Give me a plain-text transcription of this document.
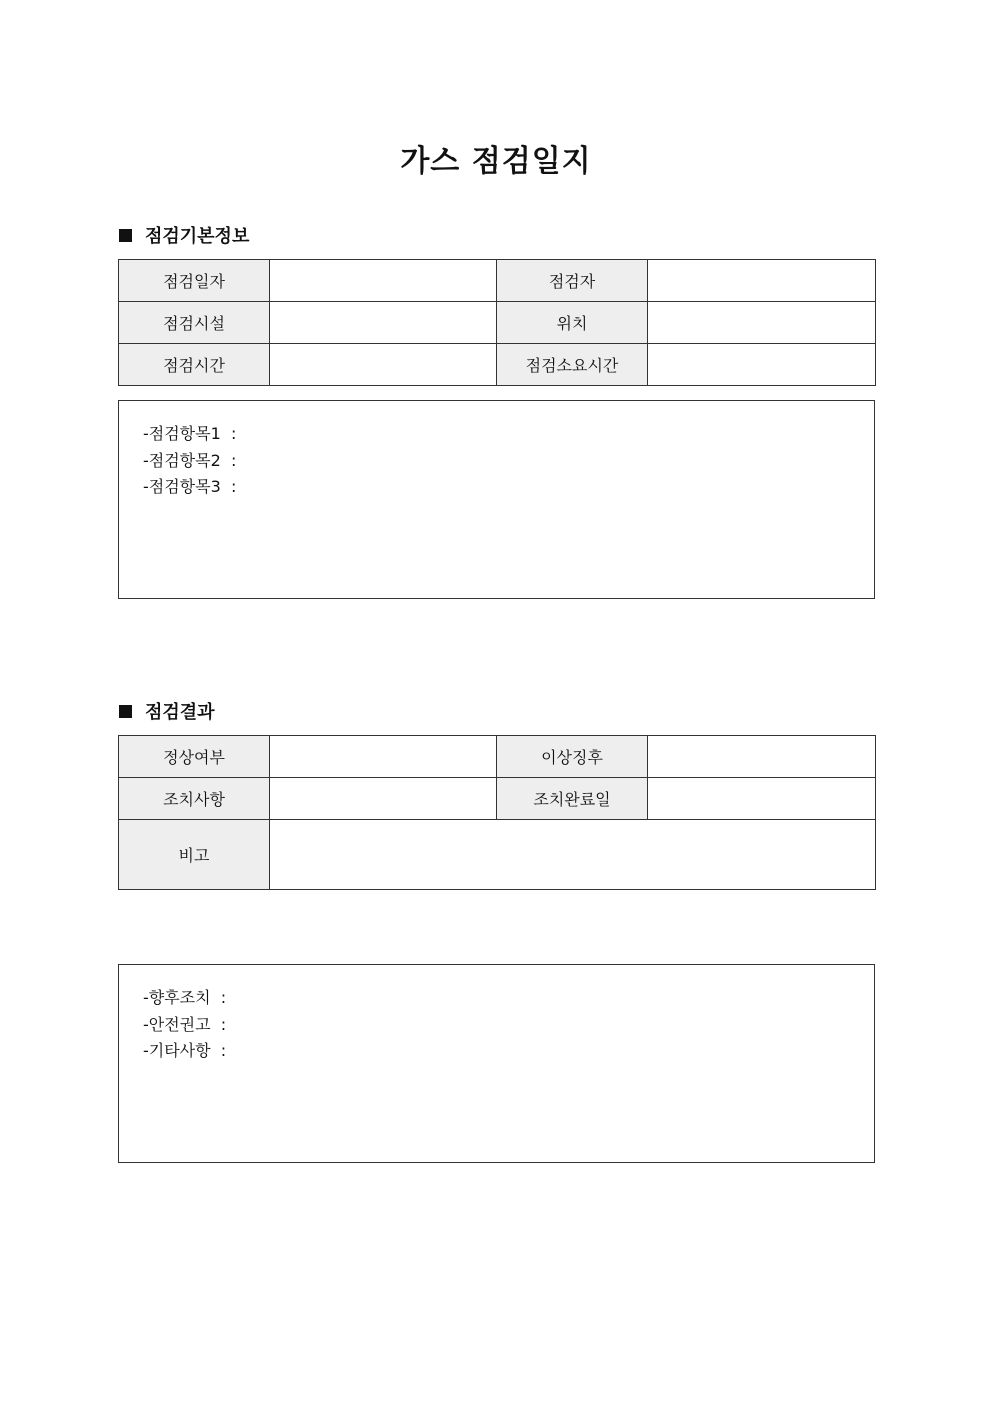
가스 점검일지
점검기본정보
점검일자		점검자	
점검시설		위치	
점검시간		점검소요시간	
-점검항목1  :
-점검항목2  :
-점검항목3  :
점검결과
정상여부		이상징후	
조치사항		조치완료일	
비고			
-향후조치  :
-안전권고  :
-기타사항  :
